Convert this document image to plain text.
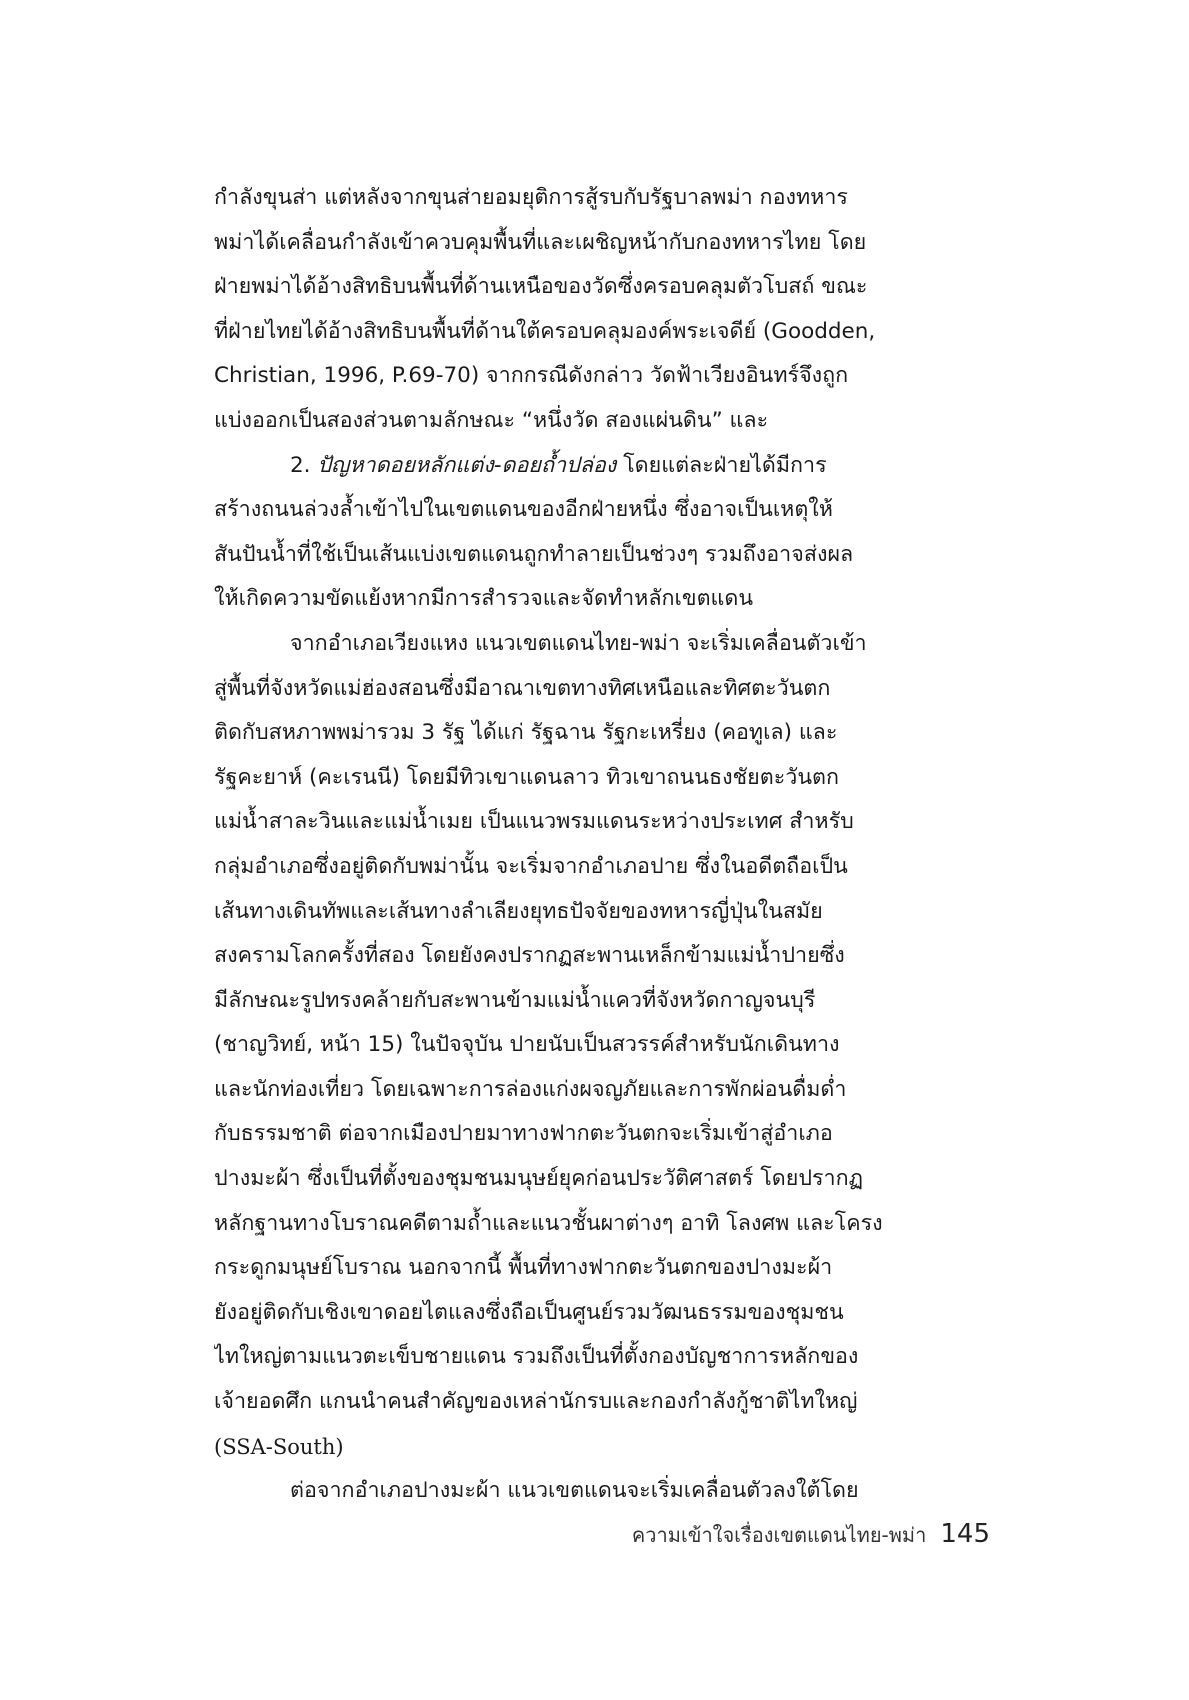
กำลังขุนส่า แต่หลังจากขุนส่ายอมยุติการสู้รบกับรัฐบาลพม่า กองทหาร
พม่าได้เคลื่อนกำลังเข้าควบคุมพื้นที่และเผชิญหน้ากับกองทหารไทย โดย
ฝ่ายพม่าได้อ้างสิทธิบนพื้นที่ด้านเหนือของวัดซึ่งครอบคลุมตัวโบสถ์ ขณะ
ที่ฝ่ายไทยได้อ้างสิทธิบนพื้นที่ด้านใต้ครอบคลุมองค์พระเจดีย์ (Goodden,
Christian, 1996, P.69-70) จากกรณีดังกล่าว วัดฟ้าเวียงอินทร์จึงถูก
แบ่งออกเป็นสองส่วนตามลักษณะ “หนึ่งวัด สองแผ่นดิน” และ
2. ปัญหาดอยหลักแต่ง-ดอยถ้ำปล่อง โดยแต่ละฝ่ายได้มีการ
สร้างถนนล่วงล้ำเข้าไปในเขตแดนของอีกฝ่ายหนึ่ง ซึ่งอาจเป็นเหตุให้
สันปันน้ำที่ใช้เป็นเส้นแบ่งเขตแดนถูกทำลายเป็นช่วงๆ รวมถึงอาจส่งผล
ให้เกิดความขัดแย้งหากมีการสำรวจและจัดทำหลักเขตแดน
จากอำเภอเวียงแหง แนวเขตแดนไทย-พม่า จะเริ่มเคลื่อนตัวเข้า
สู่พื้นที่จังหวัดแม่ฮ่องสอนซึ่งมีอาณาเขตทางทิศเหนือและทิศตะวันตก
ติดกับสหภาพพม่ารวม 3 รัฐ ได้แก่ รัฐฉาน รัฐกะเหรี่ยง (คอทูเล) และ
รัฐคะยาห์ (คะเรนนี) โดยมีทิวเขาแดนลาว ทิวเขาถนนธงชัยตะวันตก
แม่น้ำสาละวินและแม่น้ำเมย เป็นแนวพรมแดนระหว่างประเทศ สำหรับ
กลุ่มอำเภอซึ่งอยู่ติดกับพม่านั้น จะเริ่มจากอำเภอปาย ซึ่งในอดีตถือเป็น
เส้นทางเดินทัพและเส้นทางลำเลียงยุทธปัจจัยของทหารญี่ปุ่นในสมัย
สงครามโลกครั้งที่สอง โดยยังคงปรากฏสะพานเหล็กข้ามแม่น้ำปายซึ่ง
มีลักษณะรูปทรงคล้ายกับสะพานข้ามแม่น้ำแควที่จังหวัดกาญจนบุรี
(ชาญวิทย์, หน้า 15) ในปัจจุบัน ปายนับเป็นสวรรค์สำหรับนักเดินทาง
และนักท่องเที่ยว โดยเฉพาะการล่องแก่งผจญภัยและการพักผ่อนดื่มด่ำ
กับธรรมชาติ ต่อจากเมืองปายมาทางฟากตะวันตกจะเริ่มเข้าสู่อำเภอ
ปางมะผ้า ซึ่งเป็นที่ตั้งของชุมชนมนุษย์ยุคก่อนประวัติศาสตร์ โดยปรากฏ
หลักฐานทางโบราณคดีตามถ้ำและแนวชั้นผาต่างๆ อาทิ โลงศพ และโครง
กระดูกมนุษย์โบราณ นอกจากนี้ พื้นที่ทางฟากตะวันตกของปางมะผ้า
ยังอยู่ติดกับเชิงเขาดอยไตแลงซึ่งถือเป็นศูนย์รวมวัฒนธรรมของชุมชน
ไทใหญ่ตามแนวตะเข็บชายแดน รวมถึงเป็นที่ตั้งกองบัญชาการหลักของ
เจ้ายอดศึก แกนนำคนสำคัญของเหล่านักรบและกองกำลังกู้ชาติไทใหญ่
(SSA-South)
ต่อจากอำเภอปางมะผ้า แนวเขตแดนจะเริ่มเคลื่อนตัวลงใต้โดย
ความเข้าใจเรื่องเขตแดนไทย-พม่า 145
